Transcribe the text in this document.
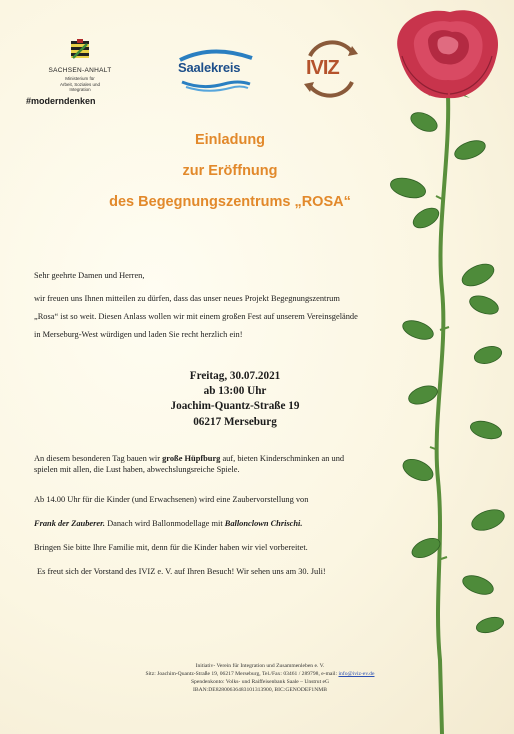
SACHSEN-ANHALT
Ministerium für
Arbeit, Soziales und
Integration
#moderndenken
Saalekreis	IVIZ
Einladung
zur Eröffnung
des Begegnungszentrums „ROSA“
Sehr geehrte Damen und Herren,
wir freuen uns Ihnen mitteilen zu dürfen, dass das unser neues Projekt Begegnungszentrum
„Rosa“ ist so weit. Diesen Anlass wollen wir mit einem großen Fest auf unserem Vereinsgelände
in Merseburg-West würdigen und laden Sie recht herzlich ein!
Freitag, 30.07.2021
ab 13:00 Uhr
Joachim-Quantz-Straße 19
06217 Merseburg
An diesem besonderen Tag bauen wir große Hüpfburg auf, bieten Kinderschminken an und
spielen mit allen, die Lust haben, abwechslungsreiche Spiele.
Ab 14.00 Uhr für die Kinder (und Erwachsenen) wird eine Zaubervorstellung von
Frank der Zauberer. Danach wird Ballonmodellage mit Ballonclown Chrischi.
Bringen Sie bitte Ihre Familie mit, denn für die Kinder haben wir viel vorbereitet.
Es freut sich der Vorstand des IVIZ e. V. auf Ihren Besuch! Wir sehen uns am 30. Juli!
Initiativ- Verein für Integration und Zusammenleben e. V.
Sitz: Joachim-Quantz-Straße 19, 06217 Merseburg, Tel./Fax: 03461 / 289798, e-mail: info@iviz-ev.de
Spendenkonto: Volks- und Raiffeisenbank Saale – Unstrut eG
IBAN:DE82800636483101313900, BIC:GENODEF1NMB
